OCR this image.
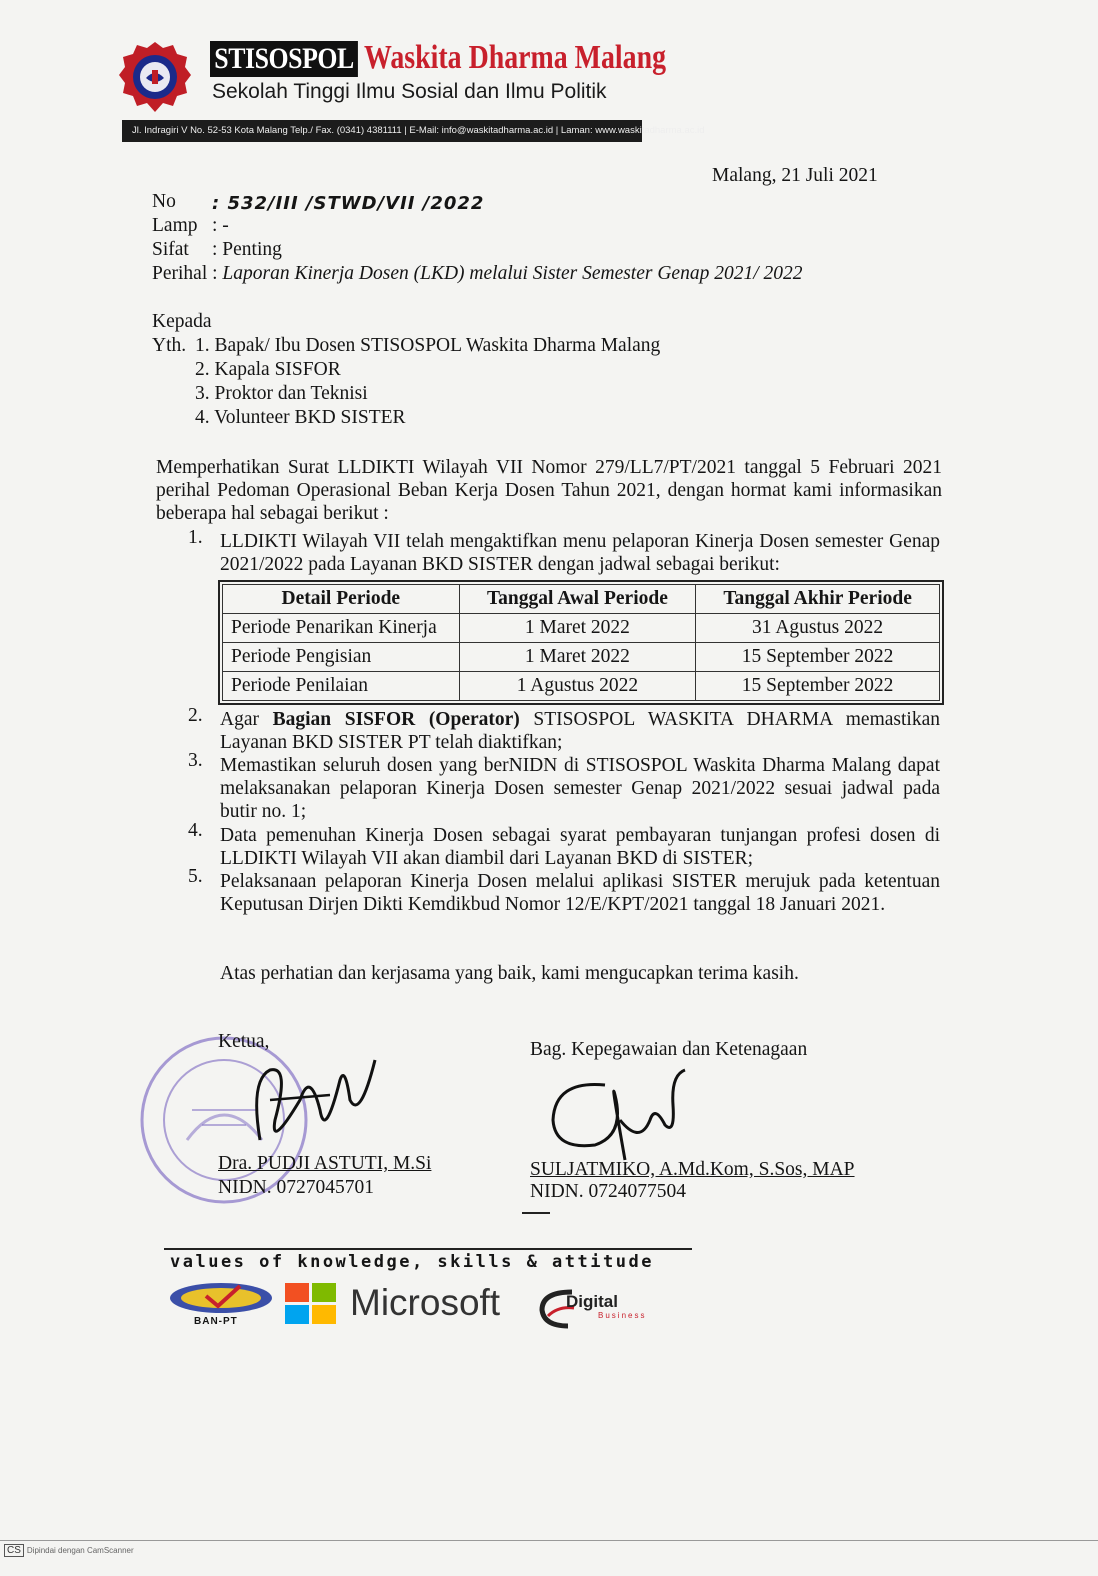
STISOSPOL Waskita Dharma Malang
Sekolah Tinggi Ilmu Sosial dan Ilmu Politik
Jl. Indragiri V No. 52-53 Kota Malang Telp./ Fax. (0341) 4381111 | E-Mail: info@waskitadharma.ac.id | Laman: www.waskitadharma.ac.id
Malang, 21 Juli 2021
No : 532/III /STWD/VII /2022
Lamp : -
Sifat : Penting
Perihal : Laporan Kinerja Dosen (LKD) melalui Sister Semester Genap 2021/ 2022
Kepada
Yth. 1. Bapak/ Ibu Dosen STISOSPOL Waskita Dharma Malang
2. Kapala SISFOR
3. Proktor dan Teknisi
4. Volunteer BKD SISTER
Memperhatikan Surat LLDIKTI Wilayah VII Nomor 279/LL7/PT/2021 tanggal 5 Februari 2021 perihal Pedoman Operasional Beban Kerja Dosen Tahun 2021, dengan hormat kami informasikan beberapa hal sebagai berikut :
1. LLDIKTI Wilayah VII telah mengaktifkan menu pelaporan Kinerja Dosen semester Genap 2021/2022 pada Layanan BKD SISTER dengan jadwal sebagai berikut:
Detail Periode	Tanggal Awal Periode	Tanggal Akhir Periode
Periode Penarikan Kinerja	1 Maret 2022	31 Agustus 2022
Periode Pengisian	1 Maret 2022	15 September 2022
Periode Penilaian	1 Agustus 2022	15 September 2022
2. Agar Bagian SISFOR (Operator) STISOSPOL WASKITA DHARMA memastikan Layanan BKD SISTER PT telah diaktifkan;
3. Memastikan seluruh dosen yang berNIDN di STISOSPOL Waskita Dharma Malang dapat melaksanakan pelaporan Kinerja Dosen semester Genap 2021/2022 sesuai jadwal pada butir no. 1;
4. Data pemenuhan Kinerja Dosen sebagai syarat pembayaran tunjangan profesi dosen di LLDIKTI Wilayah VII akan diambil dari Layanan BKD di SISTER;
5. Pelaksanaan pelaporan Kinerja Dosen melalui aplikasi SISTER merujuk pada ketentuan Keputusan Dirjen Dikti Kemdikbud Nomor 12/E/KPT/2021 tanggal 18 Januari 2021.
Atas perhatian dan kerjasama yang baik, kami mengucapkan terima kasih.
Ketua,
Dra. PUDJI ASTUTI, M.Si
NIDN. 0727045701
Bag. Kepegawaian dan Ketenagaan
SULJATMIKO, A.Md.Kom, S.Sos, MAP
NIDN. 0724077504
values of knowledge, skills & attitude
BAN-PT	Microsoft	Digital
Business
CS Dipindai dengan CamScanner
